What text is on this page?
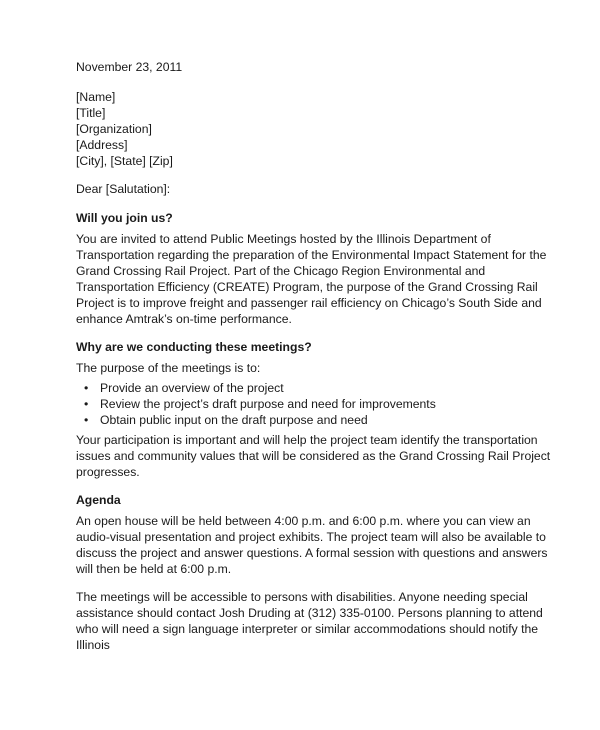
November 23, 2011

[Name]
[Title]
[Organization]
[Address]
[City], [State] [Zip]

Dear [Salutation]:

Will you join us?

You are invited to attend Public Meetings hosted by the Illinois Department of Transportation regarding the preparation of the Environmental Impact Statement for the Grand Crossing Rail Project. Part of the Chicago Region Environmental and Transportation Efficiency (CREATE) Program, the purpose of the Grand Crossing Rail Project is to improve freight and passenger rail efficiency on Chicago’s South Side and enhance Amtrak’s on-time performance.

Why are we conducting these meetings?

The purpose of the meetings is to:

• Provide an overview of the project
• Review the project’s draft purpose and need for improvements
• Obtain public input on the draft purpose and need

Your participation is important and will help the project team identify the transportation issues and community values that will be considered as the Grand Crossing Rail Project progresses.

Agenda

An open house will be held between 4:00 p.m. and 6:00 p.m. where you can view an audio-visual presentation and project exhibits. The project team will also be available to discuss the project and answer questions. A formal session with questions and answers will then be held at 6:00 p.m.

The meetings will be accessible to persons with disabilities. Anyone needing special assistance should contact Josh Druding at (312) 335-0100. Persons planning to attend who will need a sign language interpreter or similar accommodations should notify the Illinois
